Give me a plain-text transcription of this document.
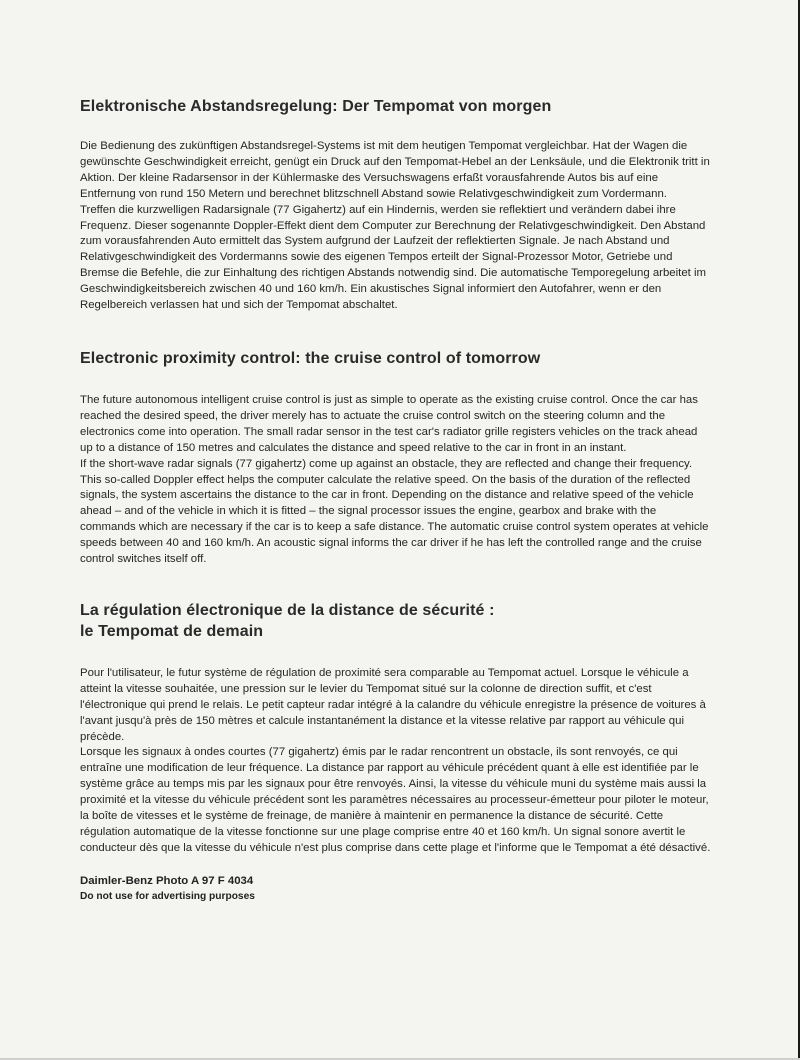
Elektronische Abstandsregelung: Der Tempomat von morgen

Die Bedienung des zukünftigen Abstandsregel-Systems ist mit dem heutigen Tempomat vergleichbar. Hat der Wagen die gewünschte Geschwindigkeit erreicht, genügt ein Druck auf den Tempomat-Hebel an der Lenksäule, und die Elektronik tritt in Aktion. Der kleine Radarsensor in der Kühlermaske des Versuchswagens erfaßt vorausfahrende Autos bis auf eine Entfernung von rund 150 Metern und berechnet blitzschnell Abstand sowie Relativgeschwindigkeit zum Vordermann.

Treffen die kurzwelligen Radarsignale (77 Gigahertz) auf ein Hindernis, werden sie reflektiert und verändern dabei ihre Frequenz. Dieser sogenannte Doppler-Effekt dient dem Computer zur Berechnung der Relativgeschwindigkeit. Den Abstand zum vorausfahrenden Auto ermittelt das System aufgrund der Laufzeit der reflektierten Signale. Je nach Abstand und Relativgeschwindigkeit des Vordermanns sowie des eigenen Tempos erteilt der Signal-Prozessor Motor, Getriebe und Bremse die Befehle, die zur Einhaltung des richtigen Abstands notwendig sind. Die automatische Temporegelung arbeitet im Geschwindigkeitsbereich zwischen 40 und 160 km/h. Ein akustisches Signal informiert den Autofahrer, wenn er den Regelbereich verlassen hat und sich der Tempomat abschaltet.

Electronic proximity control: the cruise control of tomorrow

The future autonomous intelligent cruise control is just as simple to operate as the existing cruise control. Once the car has reached the desired speed, the driver merely has to actuate the cruise control switch on the steering column and the electronics come into operation. The small radar sensor in the test car's radiator grille registers vehicles on the track ahead up to a distance of 150 metres and calculates the distance and speed relative to the car in front in an instant.

If the short-wave radar signals (77 gigahertz) come up against an obstacle, they are reflected and change their frequency. This so-called Doppler effect helps the computer calculate the relative speed. On the basis of the duration of the reflected signals, the system ascertains the distance to the car in front. Depending on the distance and relative speed of the vehicle ahead – and of the vehicle in which it is fitted – the signal processor issues the engine, gearbox and brake with the commands which are necessary if the car is to keep a safe distance. The automatic cruise control system operates at vehicle speeds between 40 and 160 km/h. An acoustic signal informs the car driver if he has left the controlled range and the cruise control switches itself off.

La régulation électronique de la distance de sécurité :
le Tempomat de demain

Pour l'utilisateur, le futur système de régulation de proximité sera comparable au Tempomat actuel. Lorsque le véhicule a atteint la vitesse souhaitée, une pression sur le levier du Tempomat situé sur la colonne de direction suffit, et c'est l'électronique qui prend le relais. Le petit capteur radar intégré à la calandre du véhicule enregistre la présence de voitures à l'avant jusqu'à près de 150 mètres et calcule instantanément la distance et la vitesse relative par rapport au véhicule qui précède.

Lorsque les signaux à ondes courtes (77 gigahertz) émis par le radar rencontrent un obstacle, ils sont renvoyés, ce qui entraîne une modification de leur fréquence. La distance par rapport au véhicule précédent quant à elle est identifiée par le système grâce au temps mis par les signaux pour être renvoyés. Ainsi, la vitesse du véhicule muni du système mais aussi la proximité et la vitesse du véhicule précédent sont les paramètres nécessaires au processeur-émetteur pour piloter le moteur, la boîte de vitesses et le système de freinage, de manière à maintenir en permanence la distance de sécurité. Cette régulation automatique de la vitesse fonctionne sur une plage comprise entre 40 et 160 km/h. Un signal sonore avertit le conducteur dès que la vitesse du véhicule n'est plus comprise dans cette plage et l'informe que le Tempomat a été désactivé.

Daimler-Benz Photo A 97 F 4034
Do not use for advertising purposes
